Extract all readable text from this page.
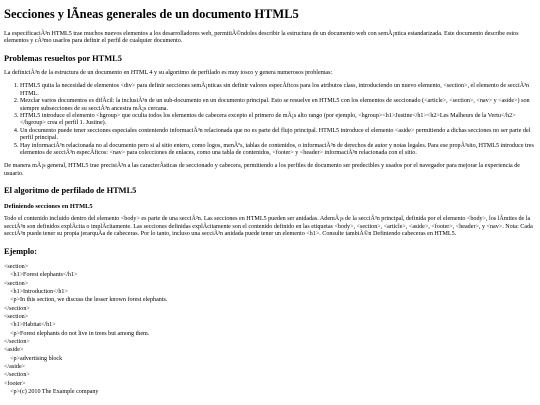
Secciones y lÃneas generales de un documento HTML5

La especificaciÃ³n HTML5 trae muchos nuevos elementos a los desarrolladores web, permitiÃ©ndoles describir la estructura de un documento web con semÃ¡ntica estandarizada. Este documento describe estos elementos y cÃ³mo usarlos para definir el perfil de cualquier documento.

Problemas resueltos por HTML5

La definiciÃ³n de la estructura de un documento en HTML 4 y su algoritmo de perfilado es muy tosco y genera numerosos problemas:

1. HTML5 quita la necesidad de elementos <div> para definir secciones semÃ¡nticas sin definir valores especÃficos para los atributos class, introduciendo un nuevo elemento, <section>, el elemento de secciÃ³n HTML.
2. Mezclar varios documentos es difÃcil: la inclusiÃ³n de un sub-documento en un documento principal. Esto se resuelve en HTML5 con los elementos de seccionado (<article>, <section>, <nav> y <aside>) son siempre subsecciones de su secciÃ³n ancestra mÃ¡s cercana.
3. HTML5 introduce el elemento <hgroup> que oculta todos los elementos de cabecera excepto el primero de mÃ¡s alto rango (por ejemplo, <hgroup><h1>Justine</h1><h2>Les Malheurs de la Vertu</h2></hgroup> crea el perfil 1. Justine).
4. Un documento puede tener secciones especiales conteniendo informaciÃ³n relacionada que no es parte del flujo principal. HTML5 introduce el elemento <aside> permitiendo a dichas secciones no ser parte del perfil principal.
5. Hay informaciÃ³n relacionada no al documento pero si al sitio entero, como logos, menÃºs, tablas de contenidos, o informaciÃ³n de derechos de autor y notas legales. Para ese propÃ³sito, HTML5 introduce tres elementos de secciÃ³n especÃficos: <nav> para colecciones de enlaces, como una tabla de contenidos, <footer> y <header> informaciÃ³n relacionada con el sitio.

De manera mÃ¡s general, HTML5 trae precisiÃ³n a las caracterÃsticas de seccionado y cabecera, permitiendo a los perfiles de documento ser predecibles y usados por el navegador para mejorar la experiencia de usuario.

El algoritmo de perfilado de HTML5
Definiendo secciones en HTML5

Todo el contenido incluido dentro del elemento <body> es parte de una secciÃ³n. Las secciones en HTML5 pueden ser anidadas. AdemÃ¡s de la secciÃ³n principal, definida por el elemento <body>, los lÃmites de la secciÃ³n son definidos explÃcita o implÃcitamente. Las secciones definidas explÃcitamente son el contenido definido en las etiquetas <body>, <section>, <article>, <aside>, <footer>, <header>, y <nav>. Nota: Cada secciÃ³n puede tener su propia jerarquÃa de cabeceras. Por lo tanto, incluso una secciÃ³n anidada puede tener un elemento <h1>. Consulte tambiÃ©n Definiendo cabeceras en HTML5.

Ejemplo:
<section>
<h1>Forest elephants</h1>
<section>
<h1>Introduction</h1>
<p>In this section, we discuss the lesser known forest elephants.
</section>
<section>
<h1>Habitat</h1>
<p>Forest elephants do not live in trees but among them.
</section>
<aside>
<p>advertising block
</aside>
</section>
<footer>
<p>(c) 2010 The Example company
